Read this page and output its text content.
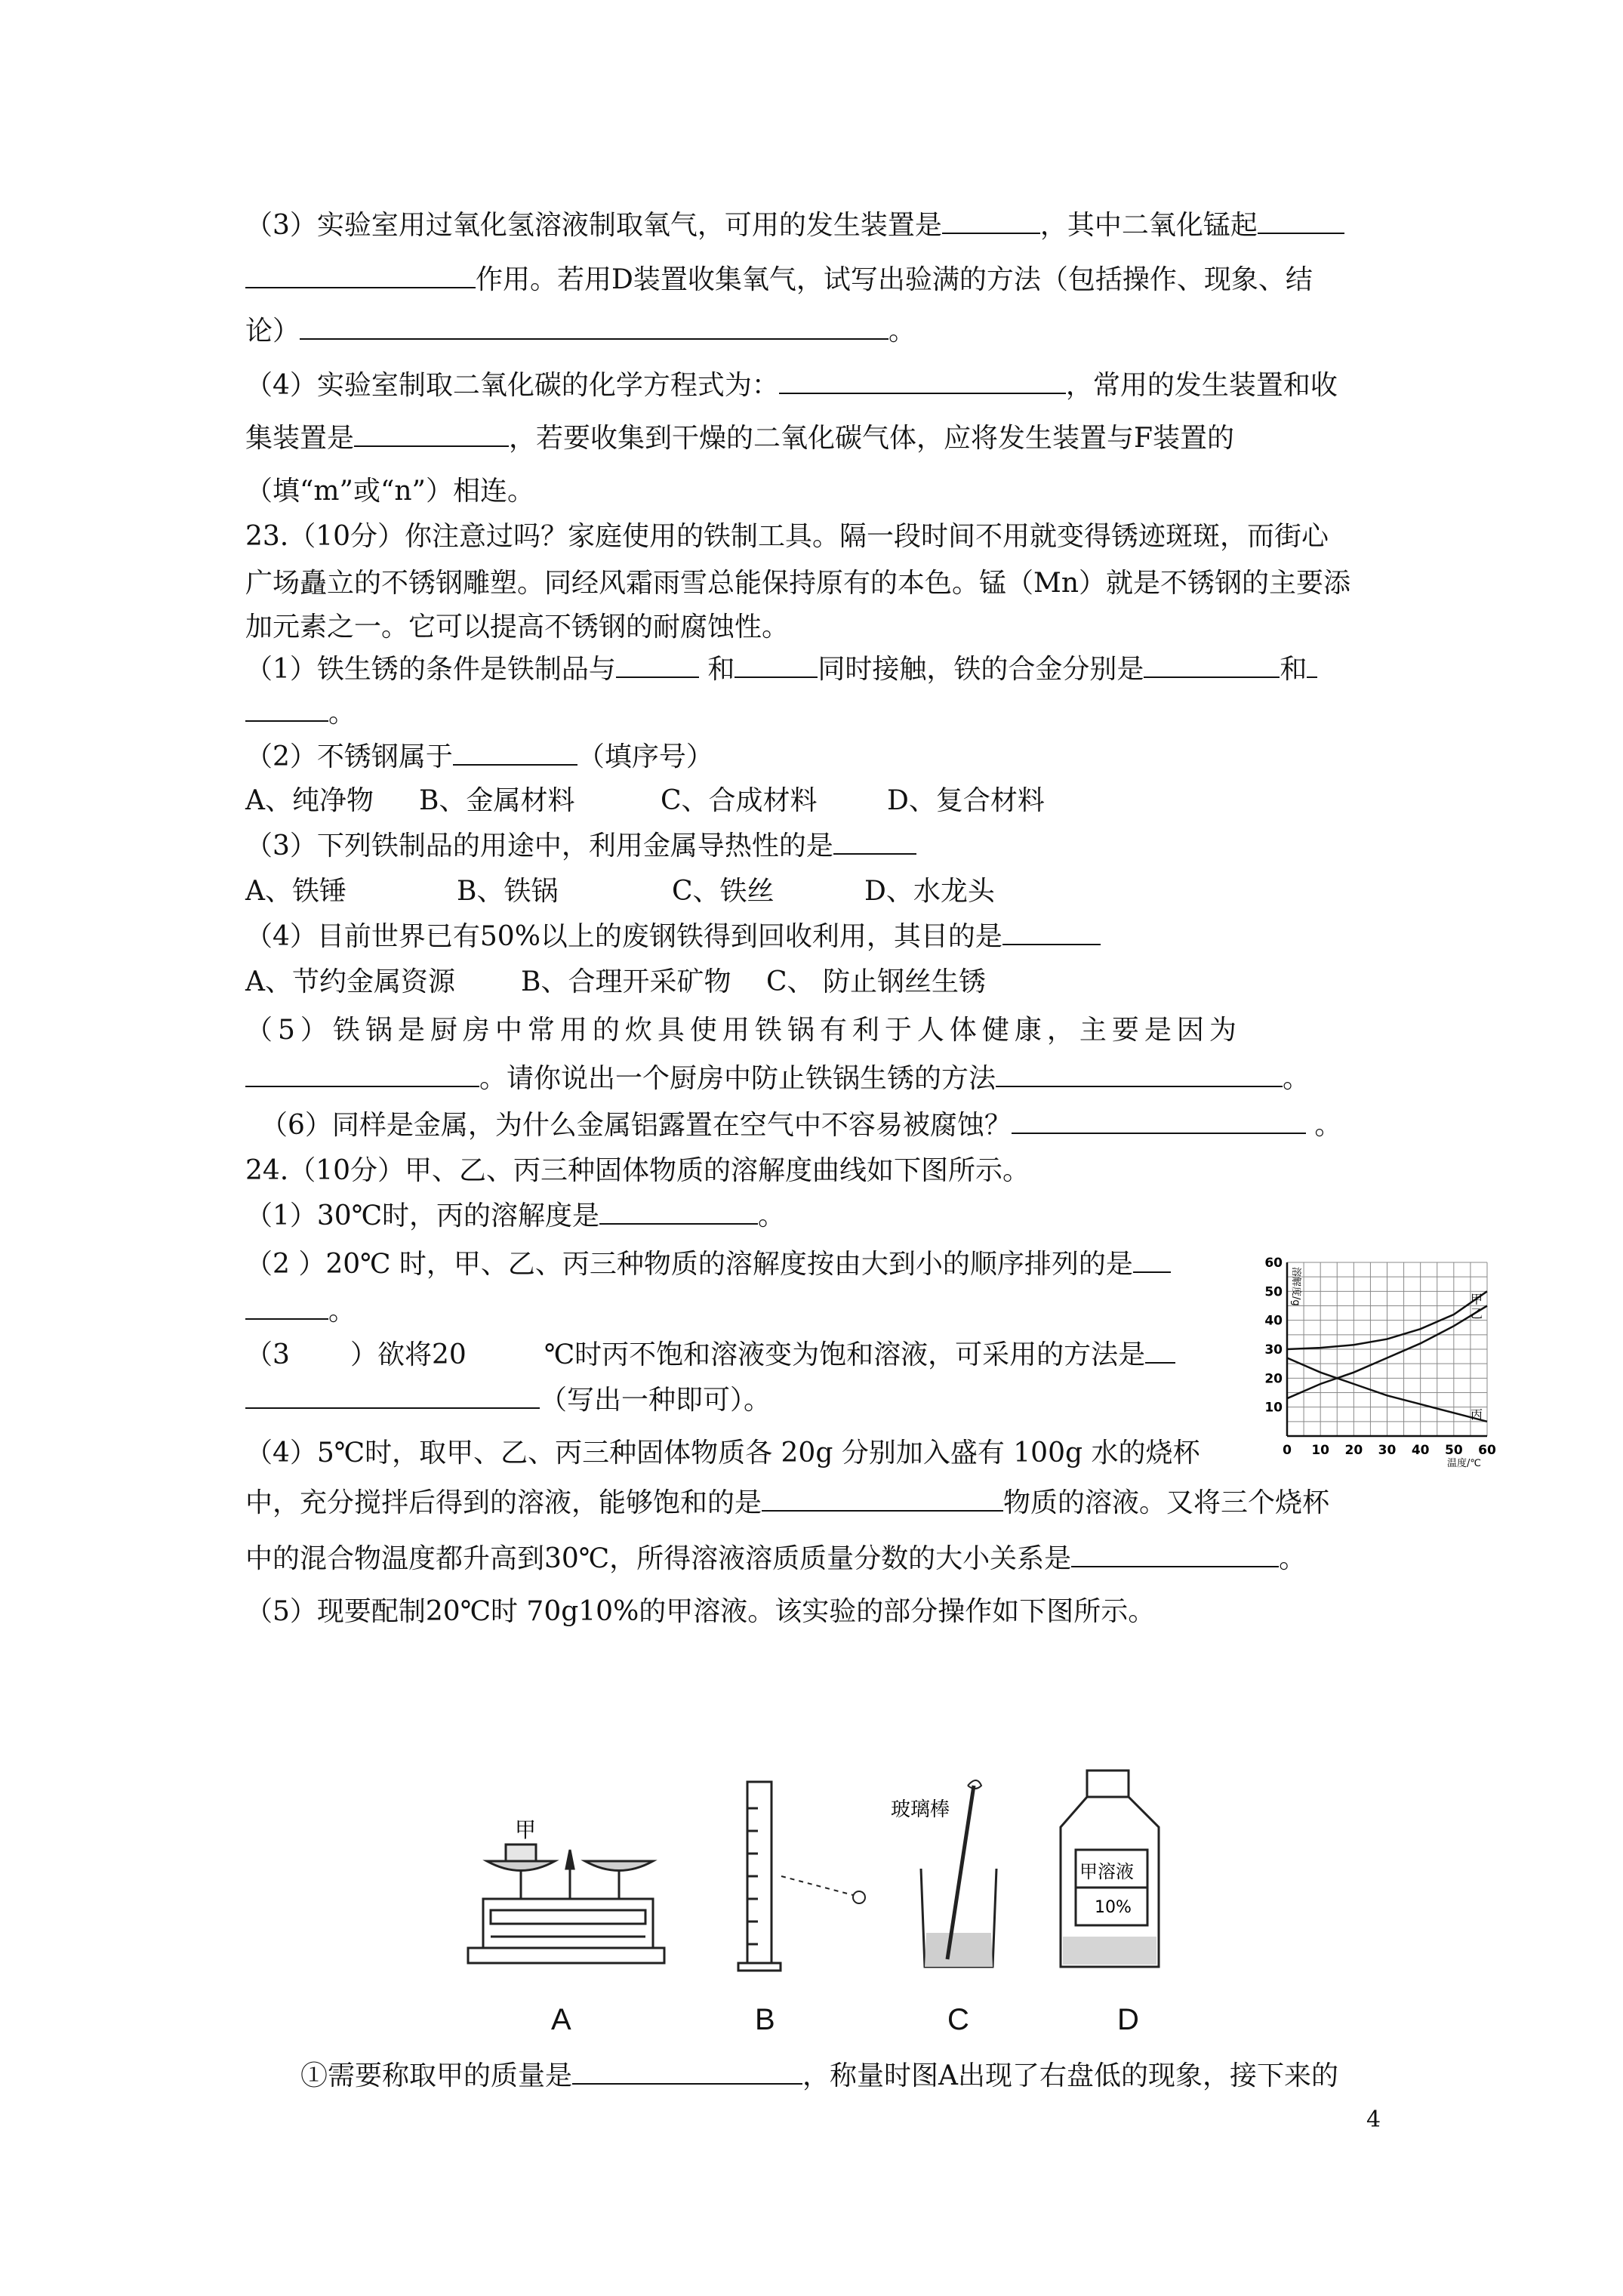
（3）实验室用过氧化氢溶液制取氧气，可用的发生装置是	，其中二氧化锰起
作用。若用D装置收集氧气，试写出验满的方法（包括操作、现象、结
论）	。
（4）实验室制取二氧化碳的化学方程式为：	，常用的发生装置和收
集装置是	，若要收集到干燥的二氧化碳气体，应将发生装置与F装置的
（填“m”或“n”）相连。
23.（10分）你注意过吗？家庭使用的铁制工具。隔一段时间不用就变得锈迹斑斑，而街心
广场矗立的不锈钢雕塑。同经风霜雨雪总能保持原有的本色。锰（Mn）就是不锈钢的主要添
加元素之一。它可以提高不锈钢的耐腐蚀性。
（1）铁生锈的条件是铁制品与	和	同时接触，铁的合金分别是	和
。
（2）不锈钢属于	（填序号）
A、纯净物 B、金属材料	C、合成材料	D、复合材料
（3）下列铁制品的用途中，利用金属导热性的是
A、铁锤	B、铁锅	C、铁丝	D、水龙头
（4）目前世界已有50%以上的废钢铁得到回收利用，其目的是
A、节约金属资源 B、合理开采矿物 C、 防止钢丝生锈
（5）铁锅是厨房中常用的炊具使用铁锅有利于人体健康，主要是因为
。请你说出一个厨房中防止铁锅生锈的方法	。
（6）同样是金属，为什么金属铝露置在空气中不容易被腐蚀？	。
24.（10分）甲、乙、丙三种固体物质的溶解度曲线如下图所示。
（1）30℃时，丙的溶解度是	。
（2 ）20℃ 时，甲、乙、丙三种物质的溶解度按由大到小的顺序排列的是
。
（3 ）欲将20	℃时丙不饱和溶液变为饱和溶液，可采用的方法是
（写出一种即可）。
（4）5℃时，取甲、乙、丙三种固体物质各 20g 分别加入盛有 100g 水的烧杯
中，充分搅拌后得到的溶液，能够饱和的是	物质的溶液。又将三个烧杯
中的混合物温度都升高到30℃，所得溶液溶质质量分数的大小关系是	。
（5）现要配制20℃时 70g10%的甲溶液。该实验的部分操作如下图所示。
0 10 20 30 40 50 60
10
20
30
40
50
60
甲
乙
丙
溶解度/g
温度/℃
甲
玻璃棒
甲溶液
10%
A	B	C	D
①需要称取甲的质量是	，称量时图A出现了右盘低的现象，接下来的
4
